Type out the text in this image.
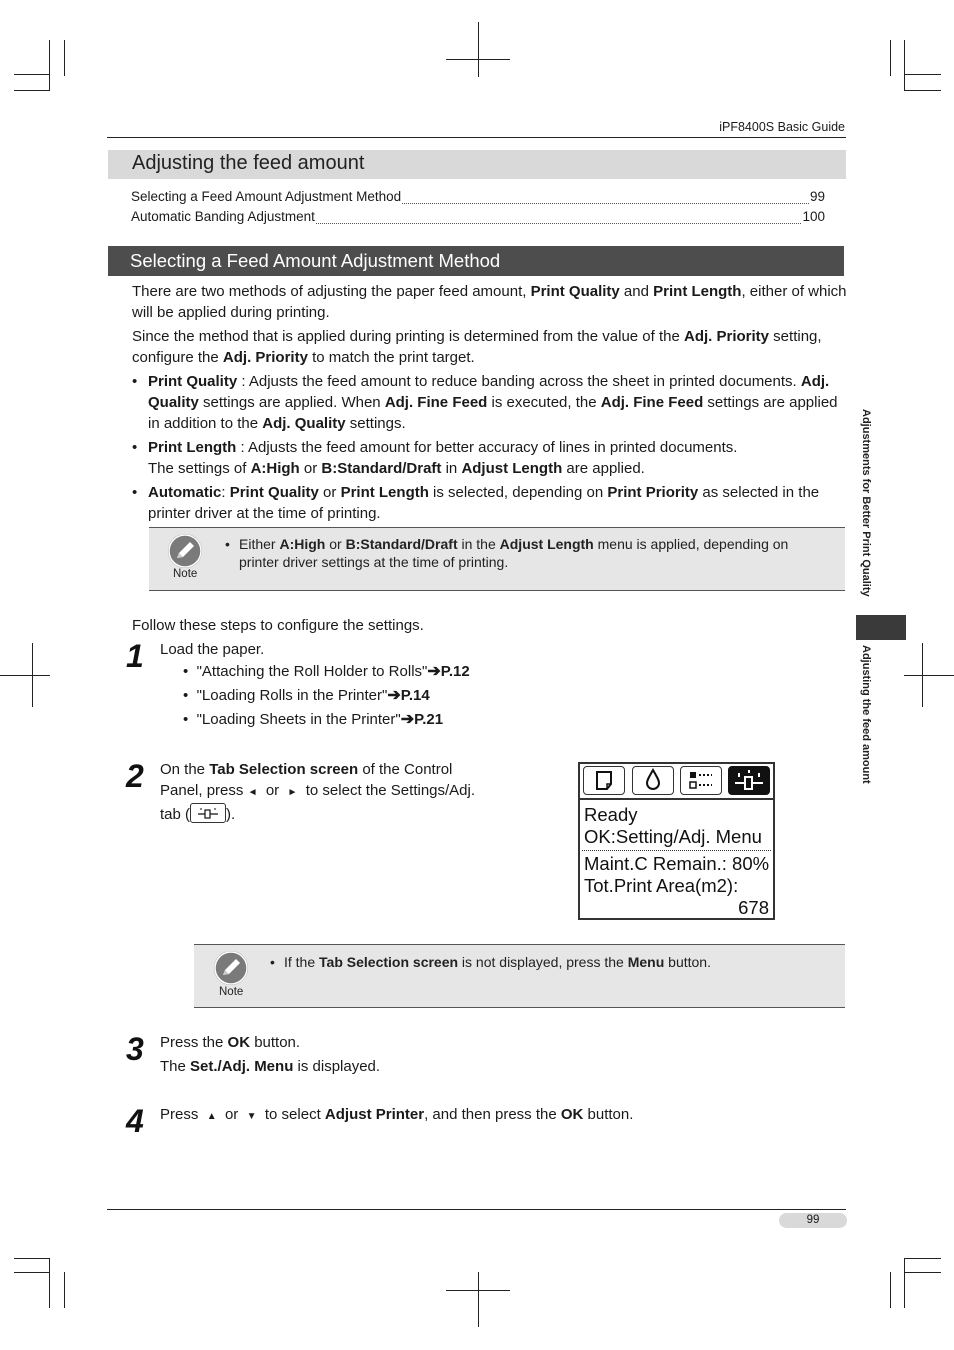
iPF8400S Basic Guide
Adjusting the feed amount
Selecting a Feed Amount Adjustment Method	99
Automatic Banding Adjustment	100
Selecting a Feed Amount Adjustment Method
There are two methods of adjusting the paper feed amount, Print Quality and Print Length, either of which will be applied during printing.
Since the method that is applied during printing is determined from the value of the Adj. Priority setting, configure the Adj. Priority to match the print target.
• Print Quality : Adjusts the feed amount to reduce banding across the sheet in printed documents. Adj. Quality settings are applied. When Adj. Fine Feed is executed, the Adj. Fine Feed settings are applied in addition to the Adj. Quality settings.
• Print Length : Adjusts the feed amount for better accuracy of lines in printed documents.
The settings of A:High or B:Standard/Draft in Adjust Length are applied.
• Automatic: Print Quality or Print Length is selected, depending on Print Priority as selected in the printer driver at the time of printing.
Note
• Either A:High or B:Standard/Draft in the Adjust Length menu is applied, depending on printer driver settings at the time of printing.
Follow these steps to configure the settings.
1 Load the paper.
•  "Attaching the Roll Holder to Rolls"➔P.12
•  "Loading Rolls in the Printer"➔P.14
•  "Loading Sheets in the Printer"➔P.21
2 On the Tab Selection screen of the Control
Panel, press ◄ or ► to select the Settings/Adj.
tab ( ).	Ready
OK:Setting/Adj. Menu
Maint.C Remain.: 80%
Tot.Print Area(m2):
678
Note
• If the Tab Selection screen is not displayed, press the Menu button.
3 Press the OK button.
The Set./Adj. Menu is displayed.
4 Press ▲ or ▼ to select Adjust Printer, and then press the OK button.
Adjustments for Better Print Quality
Adjusting the feed amount
99
